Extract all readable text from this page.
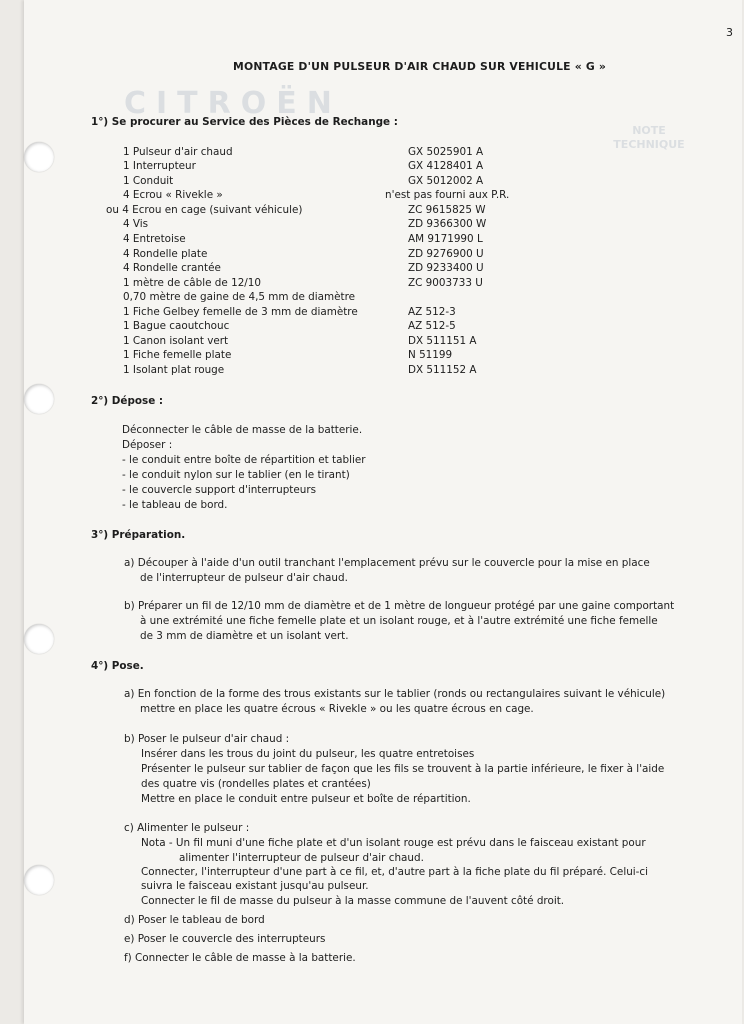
CITROËN
NOTE TECHNIQUE
3
MONTAGE D'UN PULSEUR D'AIR CHAUD SUR VEHICULE « G »
1°) Se procurer au Service des Pièces de Rechange :
1 Pulseur d'air chaud	GX 5025901 A
1 Interrupteur	GX 4128401 A
1 Conduit	GX 5012002 A
4 Ecrou « Rivekle »	n'est pas fourni aux P.R.
ou 4 Ecrou en cage (suivant véhicule)	ZC 9615825 W
4 Vis	ZD 9366300 W
4 Entretoise	AM 9171990 L
4 Rondelle plate	ZD 9276900 U
4 Rondelle crantée	ZD 9233400 U
1 mètre de câble de 12/10	ZC 9003733 U
0,70 mètre de gaine de 4,5 mm de diamètre
1 Fiche Gelbey femelle de 3 mm de diamètre	AZ 512-3
1 Bague caoutchouc	AZ 512-5
1 Canon isolant vert	DX 511151 A
1 Fiche femelle plate	N 51199
1 Isolant plat rouge	DX 511152 A
2°) Dépose :
Déconnecter le câble de masse de la batterie.
Déposer :
- le conduit entre boîte de répartition et tablier
- le conduit nylon sur le tablier (en le tirant)
- le couvercle support d'interrupteurs
- le tableau de bord.
3°) Préparation.
a) Découper à l'aide d'un outil tranchant l'emplacement prévu sur le couvercle pour la mise en place
de l'interrupteur de pulseur d'air chaud.
b) Préparer un fil de 12/10 mm de diamètre et de 1 mètre de longueur protégé par une gaine comportant
à une extrémité une fiche femelle plate et un isolant rouge, et à l'autre extrémité une fiche femelle
de 3 mm de diamètre et un isolant vert.
4°) Pose.
a) En fonction de la forme des trous existants sur le tablier (ronds ou rectangulaires suivant le véhicule)
mettre en place les quatre écrous « Rivekle » ou les quatre écrous en cage.
b) Poser le pulseur d'air chaud :
Insérer dans les trous du joint du pulseur, les quatre entretoises
Présenter le pulseur sur tablier de façon que les fils se trouvent à la partie inférieure, le fixer à l'aide
des quatre vis (rondelles plates et crantées)
Mettre en place le conduit entre pulseur et boîte de répartition.
c) Alimenter le pulseur :
Nota - Un fil muni d'une fiche plate et d'un isolant rouge est prévu dans le faisceau existant pour
alimenter l'interrupteur de pulseur d'air chaud.
Connecter, l'interrupteur d'une part à ce fil, et, d'autre part à la fiche plate du fil préparé. Celui-ci
suivra le faisceau existant jusqu'au pulseur.
Connecter le fil de masse du pulseur à la masse commune de l'auvent côté droit.
d) Poser le tableau de bord
e) Poser le couvercle des interrupteurs
f) Connecter le câble de masse à la batterie.
